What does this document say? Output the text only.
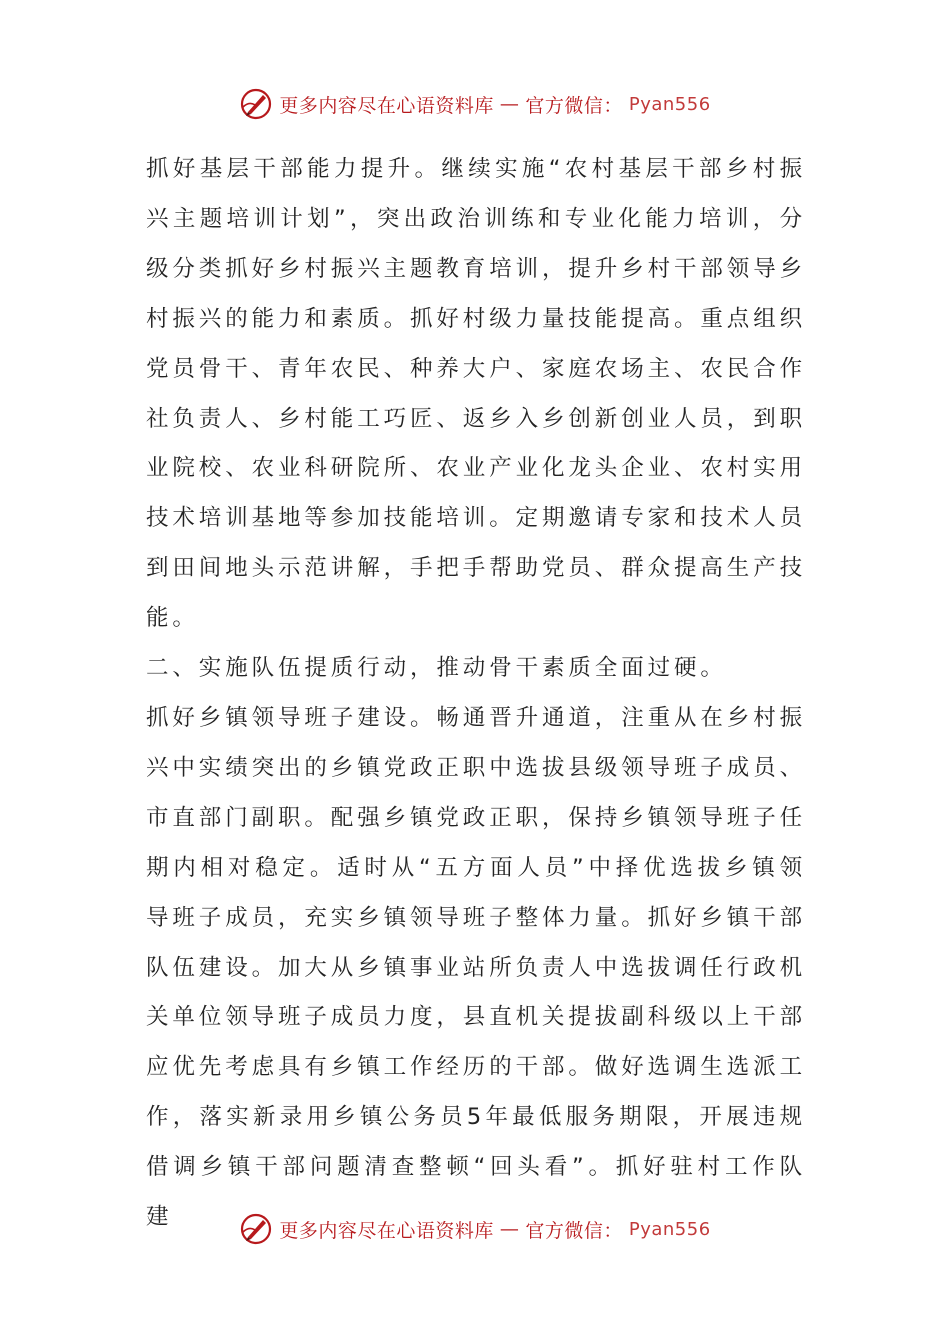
更多内容尽在心语资料库 — 官方微信： Pyan556

抓好基层干部能力提升。继续实施“农村基层干部乡村振兴主题培训计划”，突出政治训练和专业化能力培训，分级分类抓好乡村振兴主题教育培训，提升乡村干部领导乡村振兴的能力和素质。抓好村级力量技能提高。重点组织党员骨干、青年农民、种养大户、家庭农场主、农民合作社负责人、乡村能工巧匠、返乡入乡创新创业人员，到职业院校、农业科研院所、农业产业化龙头企业、农村实用技术培训基地等参加技能培训。定期邀请专家和技术人员到田间地头示范讲解，手把手帮助党员、群众提高生产技能。

二、实施队伍提质行动，推动骨干素质全面过硬。

抓好乡镇领导班子建设。畅通晋升通道，注重从在乡村振兴中实绩突出的乡镇党政正职中选拔县级领导班子成员、市直部门副职。配强乡镇党政正职，保持乡镇领导班子任期内相对稳定。适时从“五方面人员”中择优选拔乡镇领导班子成员，充实乡镇领导班子整体力量。抓好乡镇干部队伍建设。加大从乡镇事业站所负责人中选拔调任行政机关单位领导班子成员力度，县直机关提拔副科级以上干部应优先考虑具有乡镇工作经历的干部。做好选调生选派工作，落实新录用乡镇公务员5年最低服务期限，开展违规借调乡镇干部问题清查整顿“回头看”。抓好驻村工作队建

更多内容尽在心语资料库 — 官方微信： Pyan556
